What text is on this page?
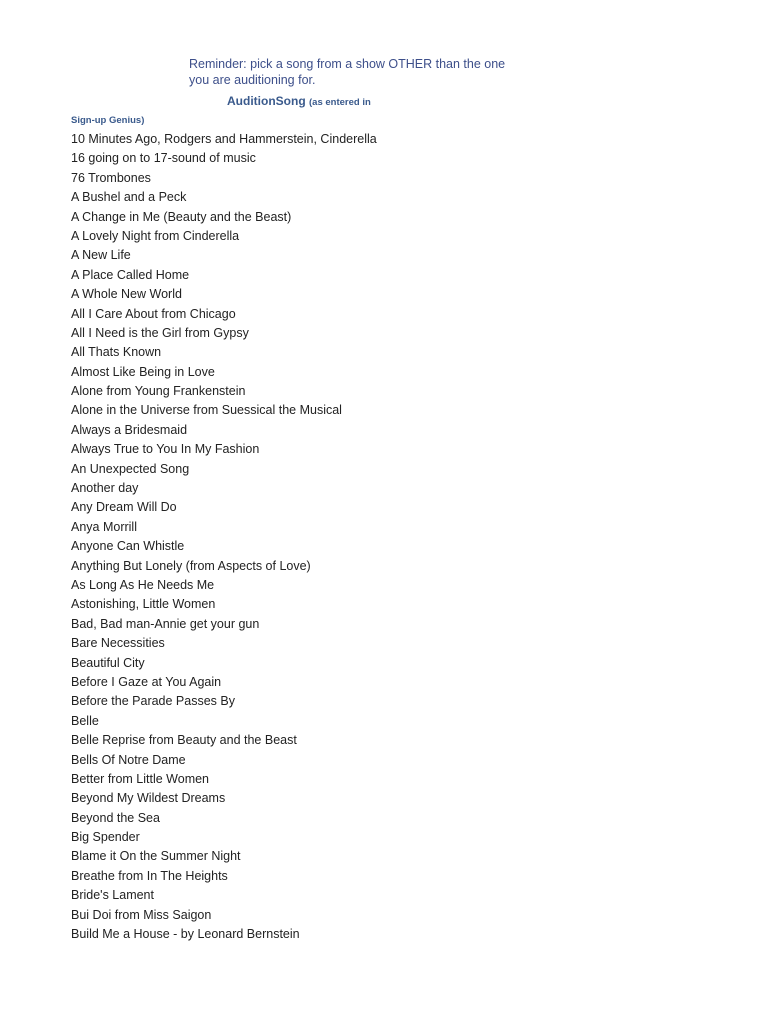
Reminder: pick a song from a show OTHER than the one
you are auditioning for.
AuditionSong (as entered in
Sign-up Genius)
10 Minutes Ago, Rodgers and Hammerstein, Cinderella
16 going on to 17-sound of music
76 Trombones
A Bushel and a Peck
A Change in Me (Beauty and the Beast)
A Lovely Night from Cinderella
A New Life
A Place Called Home
A Whole New World
All I Care About from Chicago
All I Need is the Girl from Gypsy
All Thats Known
Almost Like Being in Love
Alone from Young Frankenstein
Alone in the Universe from Suessical the Musical
Always a Bridesmaid
Always True to You In My Fashion
An Unexpected Song
Another day
Any Dream Will Do
Anya Morrill
Anyone Can Whistle
Anything But Lonely (from Aspects of Love)
As Long As He Needs Me
Astonishing, Little Women
Bad, Bad man-Annie get your gun
Bare Necessities
Beautiful City
Before I Gaze at You Again
Before the Parade Passes By
Belle
Belle Reprise from Beauty and the Beast
Bells Of Notre Dame
Better from Little Women
Beyond My Wildest Dreams
Beyond the Sea
Big Spender
Blame it On the Summer Night
Breathe from In The Heights
Bride's Lament
Bui Doi from Miss Saigon
Build Me a House - by Leonard Bernstein
